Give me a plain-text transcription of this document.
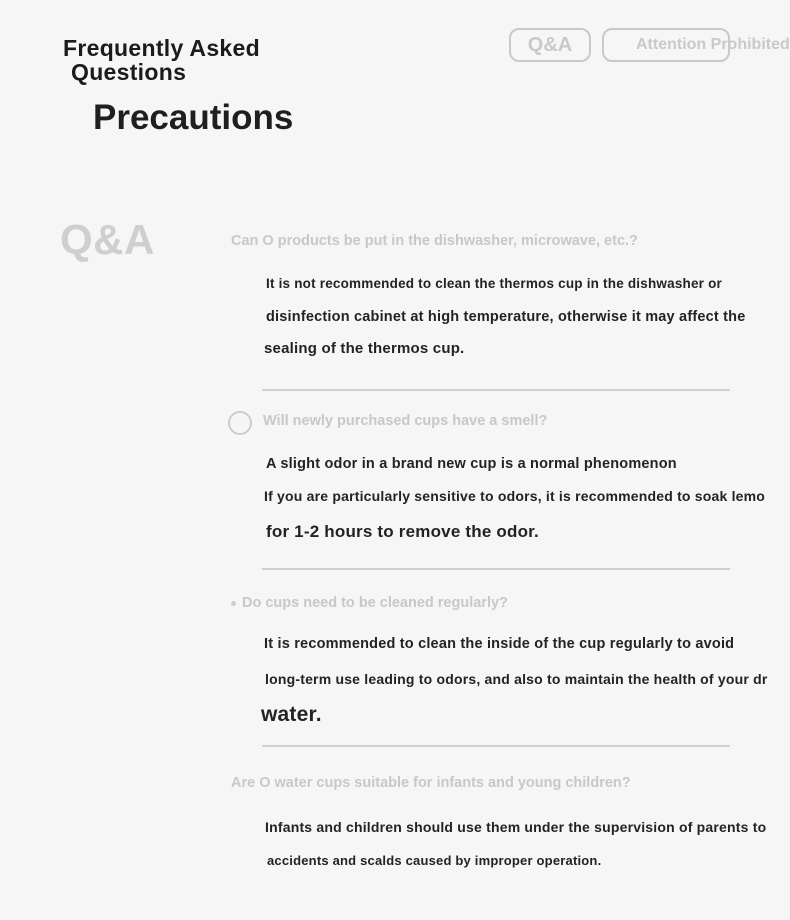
Frequently Asked
Questions
Precautions
Q&A	Attention Prohibited
Q&A	Can O products be put in the dishwasher, microwave, etc.?
It is not recommended to clean the thermos cup in the dishwasher or
disinfection cabinet at high temperature, otherwise it may affect the
sealing of the thermos cup.
Will newly purchased cups have a smell?
A slight odor in a brand new cup is a normal phenomenon
If you are particularly sensitive to odors, it is recommended to soak lemo
for 1-2 hours to remove the odor.
Do cups need to be cleaned regularly?
It is recommended to clean the inside of the cup regularly to avoid
long-term use leading to odors, and also to maintain the health of your dr
water.
Are O water cups suitable for infants and young children?
Infants and children should use them under the supervision of parents to
accidents and scalds caused by improper operation.
